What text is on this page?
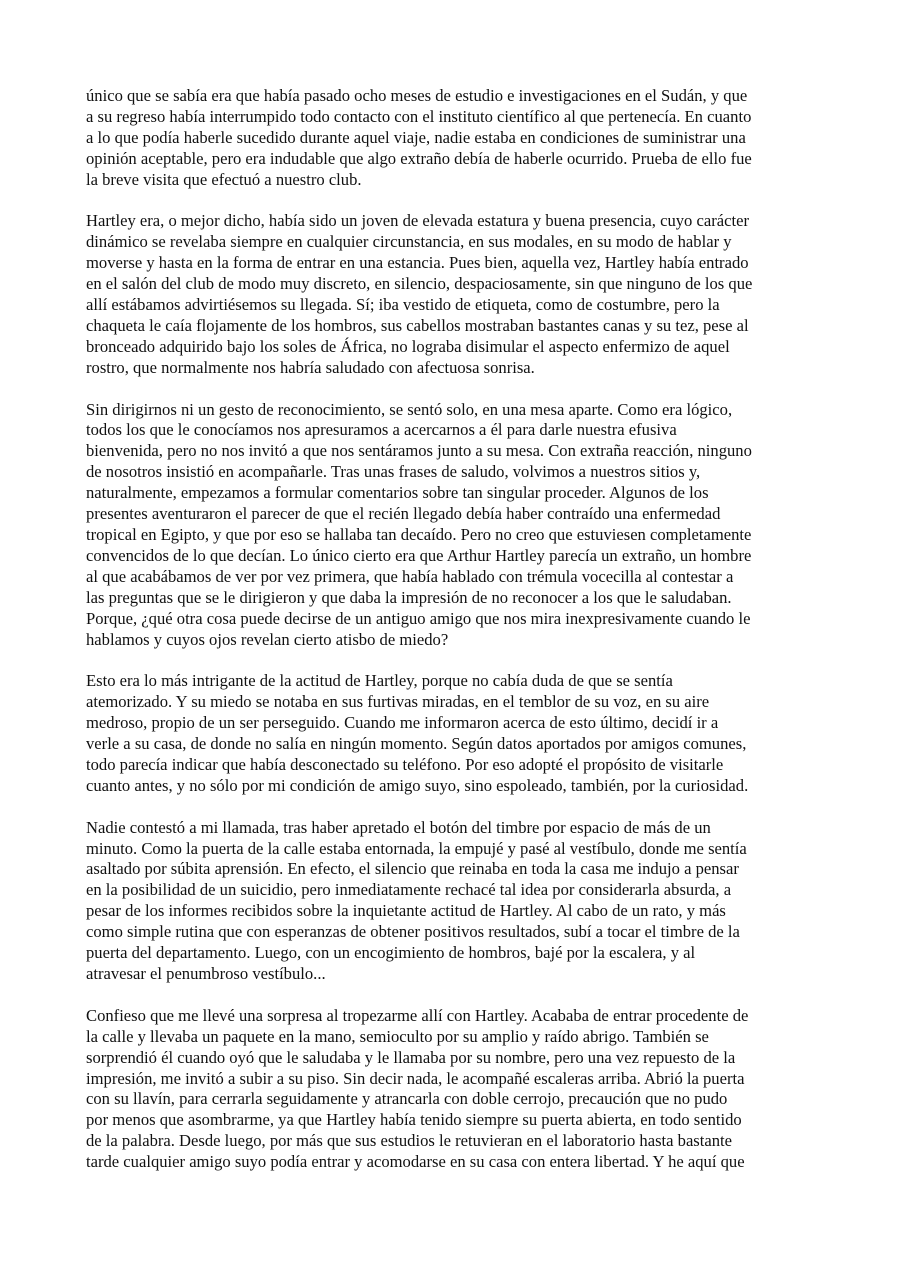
único que se sabía era que había pasado ocho meses de estudio e investigaciones en el Sudán, y que
a su regreso había interrumpido todo contacto con el instituto científico al que pertenecía. En cuanto
a lo que podía haberle sucedido durante aquel viaje, nadie estaba en condiciones de suministrar una
opinión aceptable, pero era indudable que algo extraño debía de haberle ocurrido. Prueba de ello fue
la breve visita que efectuó a nuestro club.

Hartley era, o mejor dicho, había sido un joven de elevada estatura y buena presencia, cuyo carácter
dinámico se revelaba siempre en cualquier circunstancia, en sus modales, en su modo de hablar y
moverse y hasta en la forma de entrar en una estancia. Pues bien, aquella vez, Hartley había entrado
en el salón del club de modo muy discreto, en silencio, despaciosamente, sin que ninguno de los que
allí estábamos advirtiésemos su llegada. Sí; iba vestido de etiqueta, como de costumbre, pero la
chaqueta le caía flojamente de los hombros, sus cabellos mostraban bastantes canas y su tez, pese al
bronceado adquirido bajo los soles de África, no lograba disimular el aspecto enfermizo de aquel
rostro, que normalmente nos habría saludado con afectuosa sonrisa.

Sin dirigirnos ni un gesto de reconocimiento, se sentó solo, en una mesa aparte. Como era lógico,
todos los que le conocíamos nos apresuramos a acercarnos a él para darle nuestra efusiva
bienvenida, pero no nos invitó a que nos sentáramos junto a su mesa. Con extraña reacción, ninguno
de nosotros insistió en acompañarle. Tras unas frases de saludo, volvimos a nuestros sitios y,
naturalmente, empezamos a formular comentarios sobre tan singular proceder. Algunos de los
presentes aventuraron el parecer de que el recién llegado debía haber contraído una enfermedad
tropical en Egipto, y que por eso se hallaba tan decaído. Pero no creo que estuviesen completamente
convencidos de lo que decían. Lo único cierto era que Arthur Hartley parecía un extraño, un hombre
al que acabábamos de ver por vez primera, que había hablado con trémula vocecilla al contestar a
las preguntas que se le dirigieron y que daba la impresión de no reconocer a los que le saludaban.
Porque, ¿qué otra cosa puede decirse de un antiguo amigo que nos mira inexpresivamente cuando le
hablamos y cuyos ojos revelan cierto atisbo de miedo?

Esto era lo más intrigante de la actitud de Hartley, porque no cabía duda de que se sentía
atemorizado. Y su miedo se notaba en sus furtivas miradas, en el temblor de su voz, en su aire
medroso, propio de un ser perseguido. Cuando me informaron acerca de esto último, decidí ir a
verle a su casa, de donde no salía en ningún momento. Según datos aportados por amigos comunes,
todo parecía indicar que había desconectado su teléfono. Por eso adopté el propósito de visitarle
cuanto antes, y no sólo por mi condición de amigo suyo, sino espoleado, también, por la curiosidad.

Nadie contestó a mi llamada, tras haber apretado el botón del timbre por espacio de más de un
minuto. Como la puerta de la calle estaba entornada, la empujé y pasé al vestíbulo, donde me sentía
asaltado por súbita aprensión. En efecto, el silencio que reinaba en toda la casa me indujo a pensar
en la posibilidad de un suicidio, pero inmediatamente rechacé tal idea por considerarla absurda, a
pesar de los informes recibidos sobre la inquietante actitud de Hartley. Al cabo de un rato, y más
como simple rutina que con esperanzas de obtener positivos resultados, subí a tocar el timbre de la
puerta del departamento. Luego, con un encogimiento de hombros, bajé por la escalera, y al
atravesar el penumbroso vestíbulo...

Confieso que me llevé una sorpresa al tropezarme allí con Hartley. Acababa de entrar procedente de
la calle y llevaba un paquete en la mano, semioculto por su amplio y raído abrigo. También se
sorprendió él cuando oyó que le saludaba y le llamaba por su nombre, pero una vez repuesto de la
impresión, me invitó a subir a su piso. Sin decir nada, le acompañé escaleras arriba. Abrió la puerta
con su llavín, para cerrarla seguidamente y atrancarla con doble cerrojo, precaución que no pudo
por menos que asombrarme, ya que Hartley había tenido siempre su puerta abierta, en todo sentido
de la palabra. Desde luego, por más que sus estudios le retuvieran en el laboratorio hasta bastante
tarde cualquier amigo suyo podía entrar y acomodarse en su casa con entera libertad. Y he aquí que
